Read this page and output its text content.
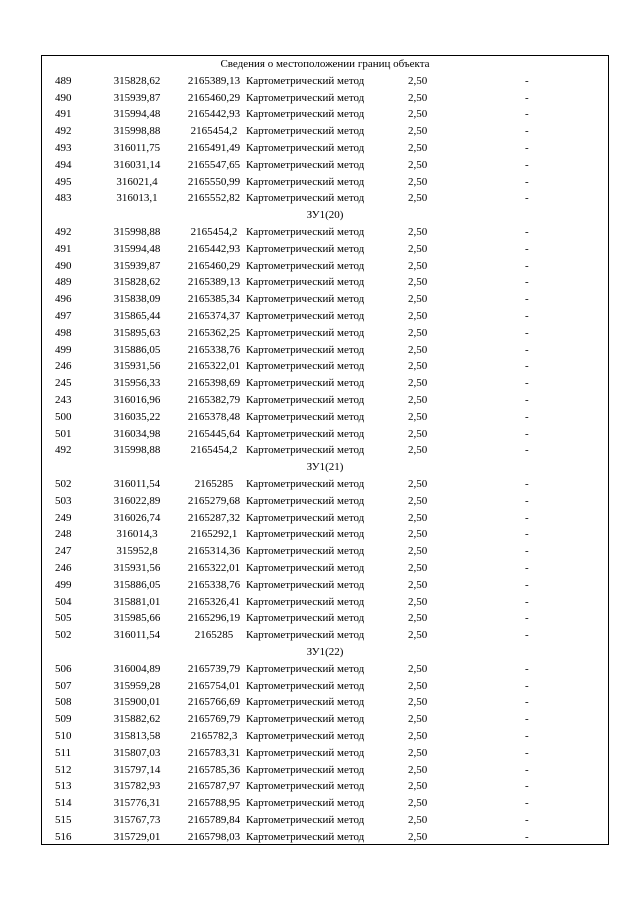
Сведения о местоположении границ объекта
489	315828,62	2165389,13 Картометрический метод	2,50	-
490	315939,87	2165460,29 Картометрический метод	2,50	-
491	315994,48	2165442,93 Картометрический метод	2,50	-
492	315998,88	2165454,2 Картометрический метод	2,50	-
493	316011,75	2165491,49 Картометрический метод	2,50	-
494	316031,14	2165547,65 Картометрический метод	2,50	-
495	316021,4	2165550,99 Картометрический метод	2,50	-
483	316013,1	2165552,82 Картометрический метод	2,50	-
ЗУ1(20)
492	315998,88	2165454,2 Картометрический метод	2,50	-
491	315994,48	2165442,93 Картометрический метод	2,50	-
490	315939,87	2165460,29 Картометрический метод	2,50	-
489	315828,62	2165389,13 Картометрический метод	2,50	-
496	315838,09	2165385,34 Картометрический метод	2,50	-
497	315865,44	2165374,37 Картометрический метод	2,50	-
498	315895,63	2165362,25 Картометрический метод	2,50	-
499	315886,05	2165338,76 Картометрический метод	2,50	-
246	315931,56	2165322,01 Картометрический метод	2,50	-
245	315956,33	2165398,69 Картометрический метод	2,50	-
243	316016,96	2165382,79 Картометрический метод	2,50	-
500	316035,22	2165378,48 Картометрический метод	2,50	-
501	316034,98	2165445,64 Картометрический метод	2,50	-
492	315998,88	2165454,2 Картометрический метод	2,50	-
ЗУ1(21)
502	316011,54	2165285	Картометрический метод	2,50	-
503	316022,89	2165279,68 Картометрический метод	2,50	-
249	316026,74	2165287,32 Картометрический метод	2,50	-
248	316014,3	2165292,1 Картометрический метод	2,50	-
247	315952,8	2165314,36 Картометрический метод	2,50	-
246	315931,56	2165322,01 Картометрический метод	2,50	-
499	315886,05	2165338,76 Картометрический метод	2,50	-
504	315881,01	2165326,41 Картометрический метод	2,50	-
505	315985,66	2165296,19 Картометрический метод	2,50	-
502	316011,54	2165285	Картометрический метод	2,50	-
ЗУ1(22)
506	316004,89	2165739,79 Картометрический метод	2,50	-
507	315959,28	2165754,01 Картометрический метод	2,50	-
508	315900,01	2165766,69 Картометрический метод	2,50	-
509	315882,62	2165769,79 Картометрический метод	2,50	-
510	315813,58	2165782,3 Картометрический метод	2,50	-
511	315807,03	2165783,31 Картометрический метод	2,50	-
512	315797,14	2165785,36 Картометрический метод	2,50	-
513	315782,93	2165787,97 Картометрический метод	2,50	-
514	315776,31	2165788,95 Картометрический метод	2,50	-
515	315767,73	2165789,84 Картометрический метод	2,50	-
516	315729,01	2165798,03 Картометрический метод	2,50	-
